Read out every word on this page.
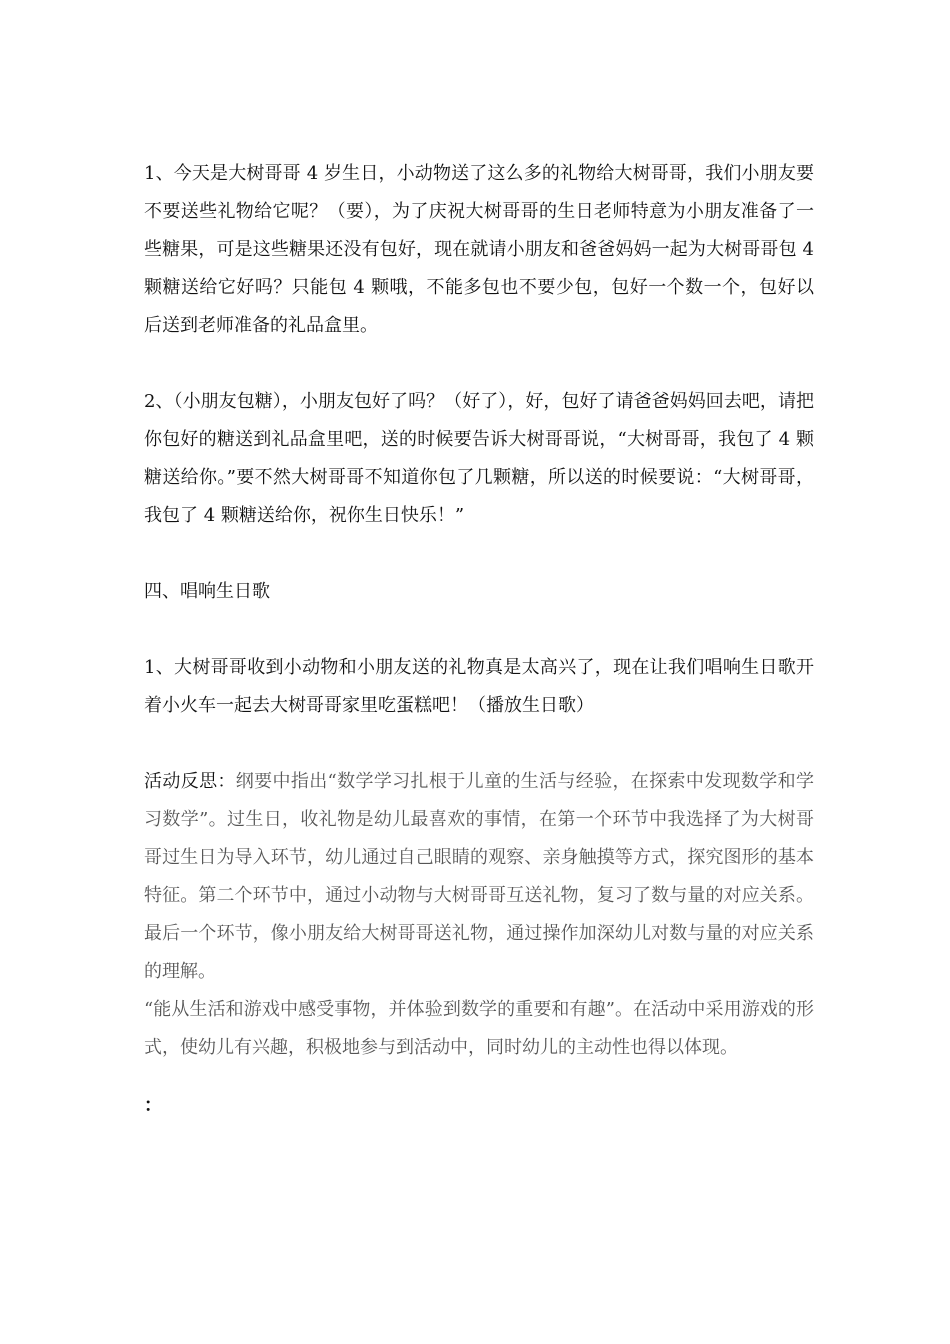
1、今天是大树哥哥 4 岁生日，小动物送了这么多的礼物给大树哥哥，我们小朋友要不要送些礼物给它呢？（要），为了庆祝大树哥哥的生日老师特意为小朋友准备了一些糖果，可是这些糖果还没有包好，现在就请小朋友和爸爸妈妈一起为大树哥哥包 4 颗糖送给它好吗？只能包 4 颗哦，不能多包也不要少包，包好一个数一个，包好以后送到老师准备的礼品盒里。

2、（小朋友包糖），小朋友包好了吗？（好了），好，包好了请爸爸妈妈回去吧，请把你包好的糖送到礼品盒里吧，送的时候要告诉大树哥哥说，“大树哥哥，我包了 4 颗糖送给你。”要不然大树哥哥不知道你包了几颗糖，所以送的时候要说：“大树哥哥，我包了 4 颗糖送给你，祝你生日快乐！”

四、唱响生日歌

1、大树哥哥收到小动物和小朋友送的礼物真是太高兴了，现在让我们唱响生日歌开着小火车一起去大树哥哥家里吃蛋糕吧！（播放生日歌）

活动反思：纲要中指出“数学学习扎根于儿童的生活与经验，在探索中发现数学和学习数学”。过生日，收礼物是幼儿最喜欢的事情，在第一个环节中我选择了为大树哥哥过生日为导入环节，幼儿通过自己眼睛的观察、亲身触摸等方式，探究图形的基本特征。第二个环节中，通过小动物与大树哥哥互送礼物，复习了数与量的对应关系。最后一个环节，像小朋友给大树哥哥送礼物，通过操作加深幼儿对数与量的对应关系的理解。

“能从生活和游戏中感受事物，并体验到数学的重要和有趣”。在活动中采用游戏的形式，使幼儿有兴趣，积极地参与到活动中，同时幼儿的主动性也得以体现。

：
